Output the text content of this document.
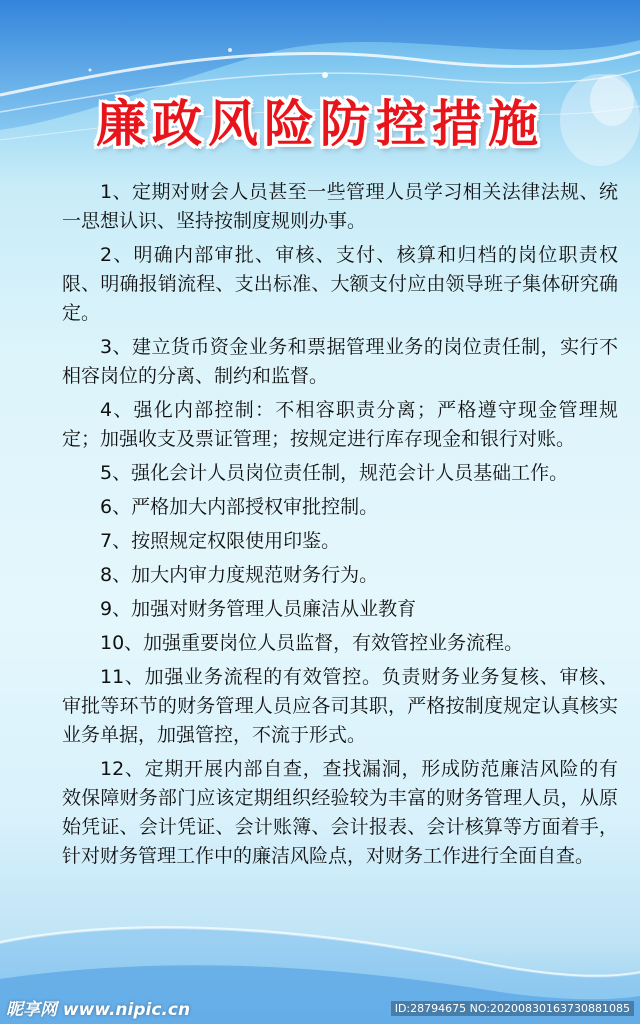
廉政风险防控措施

1、定期对财会人员甚至一些管理人员学习相关法律法规、统一思想认识、坚持按制度规则办事。

2、明确内部审批、审核、支付、核算和归档的岗位职责权限、明确报销流程、支出标准、大额支付应由领导班子集体研究确定。

3、建立货币资金业务和票据管理业务的岗位责任制，实行不相容岗位的分离、制约和监督。

4、强化内部控制：不相容职责分离；严格遵守现金管理规定；加强收支及票证管理；按规定进行库存现金和银行对账。

5、强化会计人员岗位责任制，规范会计人员基础工作。

6、严格加大内部授权审批控制。

7、按照规定权限使用印鉴。

8、加大内审力度规范财务行为。

9、加强对财务管理人员廉洁从业教育

10、加强重要岗位人员监督，有效管控业务流程。

11、加强业务流程的有效管控。负责财务业务复核、审核、审批等环节的财务管理人员应各司其职，严格按制度规定认真核实业务单据，加强管控，不流于形式。

12、定期开展内部自查，查找漏洞，形成防范廉洁风险的有效保障财务部门应该定期组织经验较为丰富的财务管理人员，从原始凭证、会计凭证、会计账簿、会计报表、会计核算等方面着手，针对财务管理工作中的廉洁风险点，对财务工作进行全面自查。

昵享网 www.nipic.cn	ID:28794675 NO:20200830163730881085
